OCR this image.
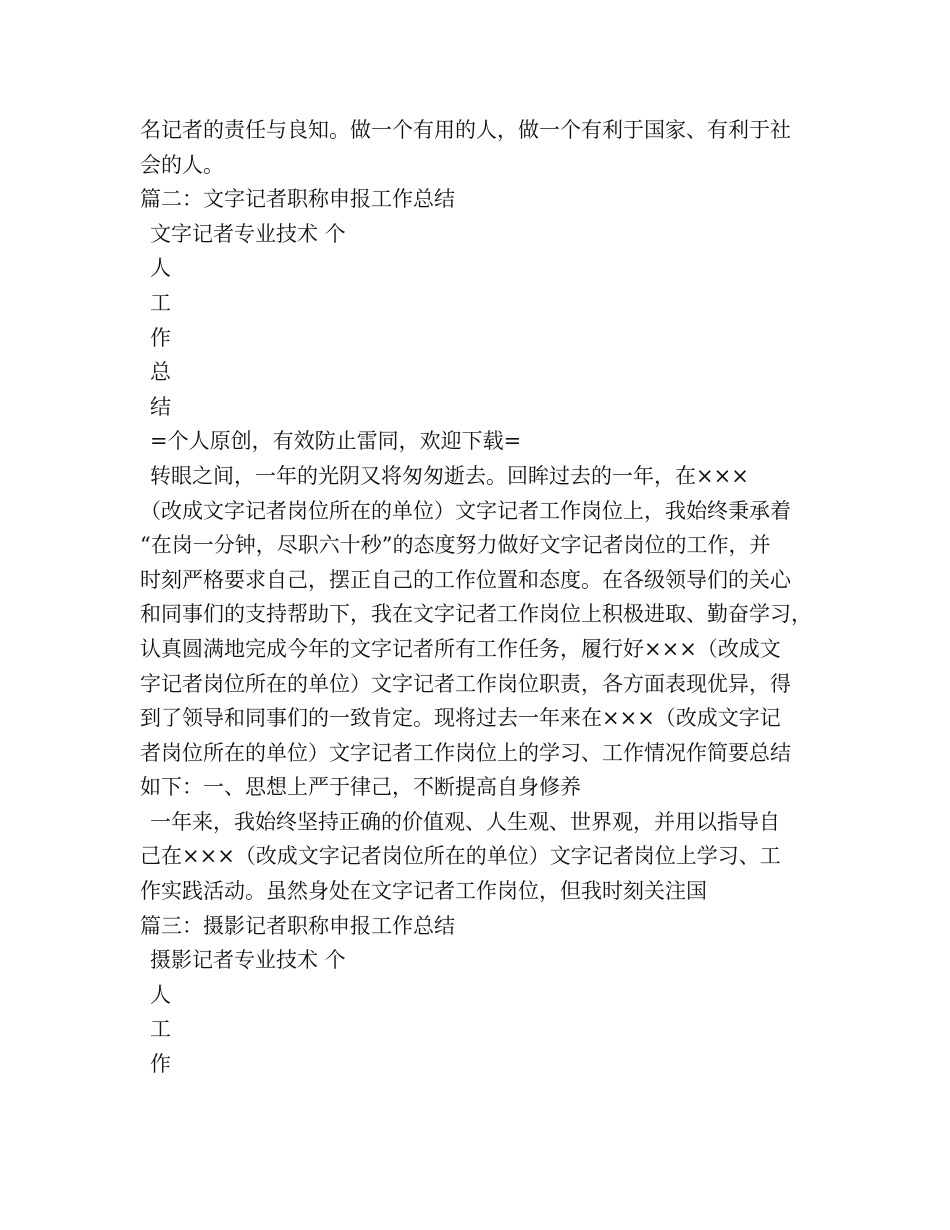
名记者的责任与良知。做一个有用的人，做一个有利于国家、有利于社
会的人。
篇二：文字记者职称申报工作总结
文字记者专业技术 个
人
工
作
总
结
=个人原创，有效防止雷同，欢迎下载=
转眼之间，一年的光阴又将匆匆逝去。回眸过去的一年，在×××
（改成文字记者岗位所在的单位）文字记者工作岗位上，我始终秉承着
“在岗一分钟，尽职六十秒”的态度努力做好文字记者岗位的工作，并
时刻严格要求自己，摆正自己的工作位置和态度。在各级领导们的关心
和同事们的支持帮助下，我在文字记者工作岗位上积极进取、勤奋学习，
认真圆满地完成今年的文字记者所有工作任务，履行好×××（改成文
字记者岗位所在的单位）文字记者工作岗位职责，各方面表现优异，得
到了领导和同事们的一致肯定。现将过去一年来在×××（改成文字记
者岗位所在的单位）文字记者工作岗位上的学习、工作情况作简要总结
如下：一、思想上严于律己，不断提高自身修养
一年来，我始终坚持正确的价值观、人生观、世界观，并用以指导自
己在×××（改成文字记者岗位所在的单位）文字记者岗位上学习、工
作实践活动。虽然身处在文字记者工作岗位，但我时刻关注国
篇三：摄影记者职称申报工作总结
摄影记者专业技术 个
人
工
作
